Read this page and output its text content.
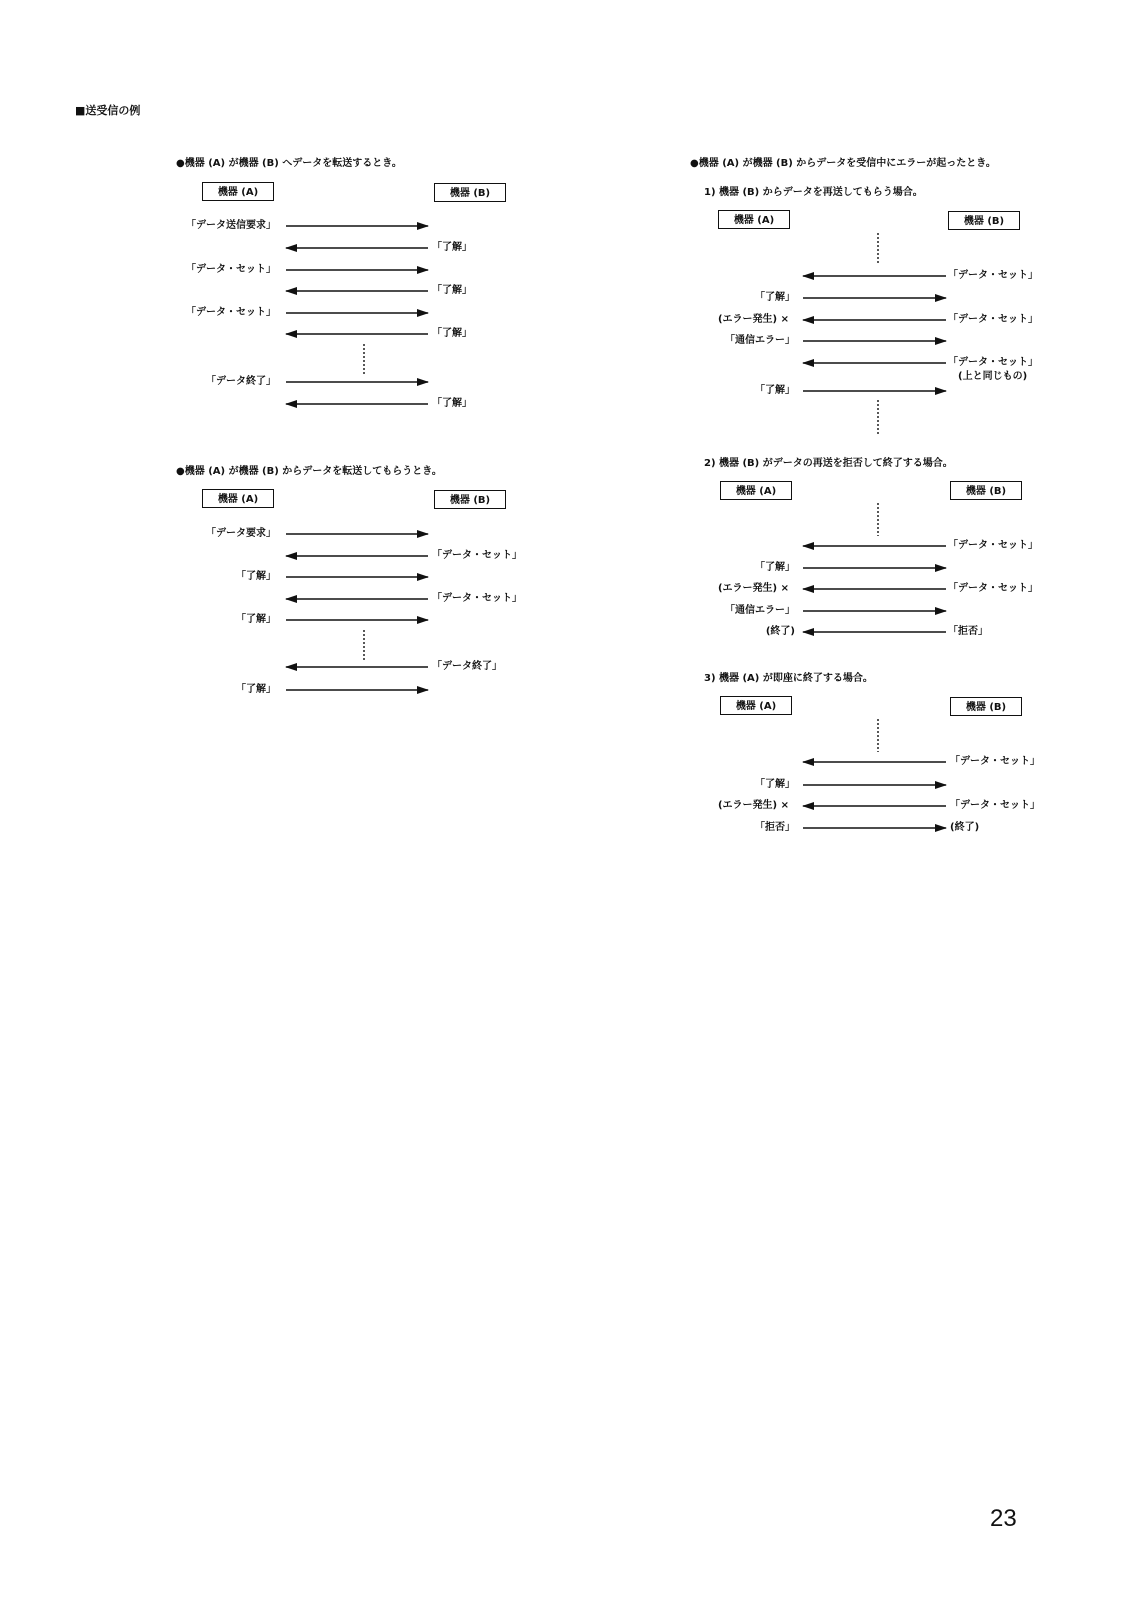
■送受信の例
●機器 (A) が機器 (B) へデータを転送するとき。
機器 (A)	機器 (B)
「データ送信要求」
「了解」
「データ・セット」
「了解」
「データ・セット」
「了解」
「データ終了」
「了解」
●機器 (A) が機器 (B) からデータを転送してもらうとき。
機器 (A)	機器 (B)
「データ要求」
「データ・セット」
「了解」
「データ・セット」
「了解」
「データ終了」
「了解」
●機器 (A) が機器 (B) からデータを受信中にエラーが起ったとき。
1) 機器 (B) からデータを再送してもらう場合。
機器 (A)	機器 (B)
「データ・セット」
「了解」
(エラー発生) ×	「データ・セット」
「通信エラー」
「データ・セット」
(上と同じもの)
「了解」
2) 機器 (B) がデータの再送を拒否して終了する場合。
機器 (A)	機器 (B)
「データ・セット」
「了解」
(エラー発生) ×	「データ・セット」
「通信エラー」
(終了)	「拒否」
3) 機器 (A) が即座に終了する場合。
機器 (A)	機器 (B)
「データ・セット」
「了解」
(エラー発生) ×	「データ・セット」
「拒否」	(終了)
23
